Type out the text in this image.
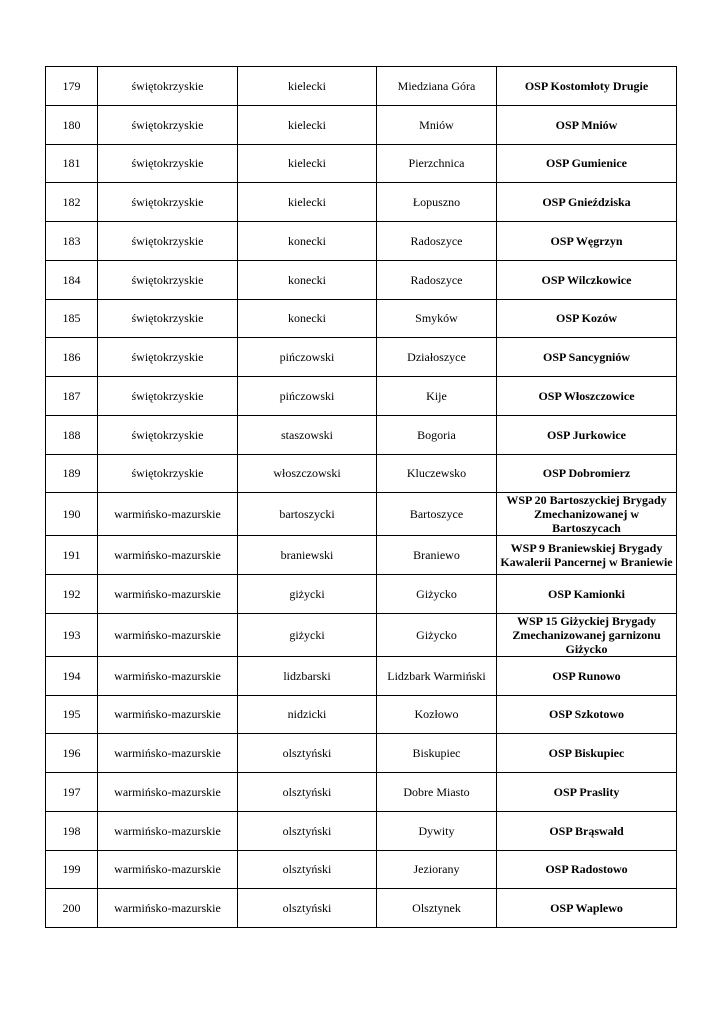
179	świętokrzyskie	kielecki	Miedziana Góra	OSP Kostomłoty Drugie
180	świętokrzyskie	kielecki	Mniów	OSP Mniów
181	świętokrzyskie	kielecki	Pierzchnica	OSP Gumienice
182	świętokrzyskie	kielecki	Łopuszno	OSP Gnieździska
183	świętokrzyskie	konecki	Radoszyce	OSP Węgrzyn
184	świętokrzyskie	konecki	Radoszyce	OSP Wilczkowice
185	świętokrzyskie	konecki	Smyków	OSP Kozów
186	świętokrzyskie	pińczowski	Działoszyce	OSP Sancygniów
187	świętokrzyskie	pińczowski	Kije	OSP Włoszczowice
188	świętokrzyskie	staszowski	Bogoria	OSP Jurkowice
189	świętokrzyskie	włoszczowski	Kluczewsko	OSP Dobromierz
190	warmińsko-mazurskie	bartoszycki	Bartoszyce	WSP 20 Bartoszyckiej Brygady Zmechanizowanej w Bartoszycach
191	warmińsko-mazurskie	braniewski	Braniewo	WSP 9 Braniewskiej Brygady Kawalerii Pancernej w Braniewie
192	warmińsko-mazurskie	giżycki	Giżycko	OSP Kamionki
193	warmińsko-mazurskie	giżycki	Giżycko	WSP 15 Giżyckiej Brygady Zmechanizowanej garnizonu Giżycko
194	warmińsko-mazurskie	lidzbarski	Lidzbark Warmiński	OSP Runowo
195	warmińsko-mazurskie	nidzicki	Kozłowo	OSP Szkotowo
196	warmińsko-mazurskie	olsztyński	Biskupiec	OSP Biskupiec
197	warmińsko-mazurskie	olsztyński	Dobre Miasto	OSP Praslity
198	warmińsko-mazurskie	olsztyński	Dywity	OSP Brąswałd
199	warmińsko-mazurskie	olsztyński	Jeziorany	OSP Radostowo
200	warmińsko-mazurskie	olsztyński	Olsztynek	OSP Waplewo
